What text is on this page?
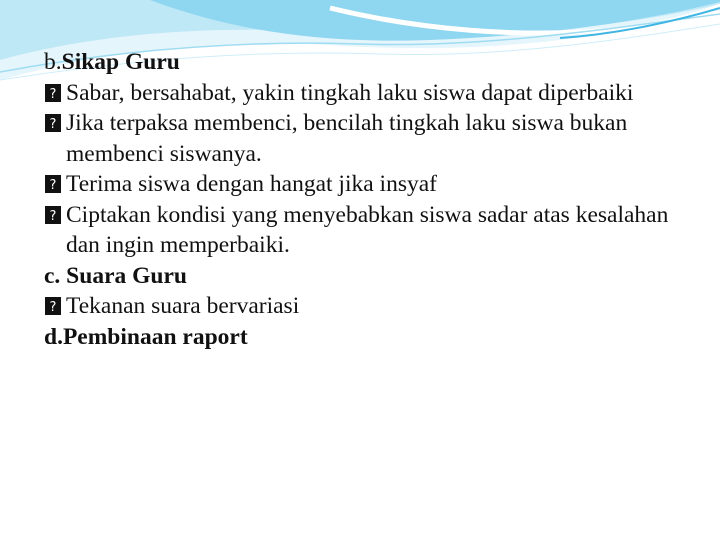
b.Sikap Guru

? Sabar, bersahabat, yakin tingkah laku siswa dapat diperbaiki

? Jika terpaksa membenci, bencilah tingkah laku siswa bukan membenci siswanya.

? Terima siswa dengan hangat jika insyaf

? Ciptakan kondisi yang menyebabkan siswa sadar atas kesalahan dan ingin memperbaiki.

c. Suara Guru

? Tekanan suara bervariasi

d.Pembinaan raport
